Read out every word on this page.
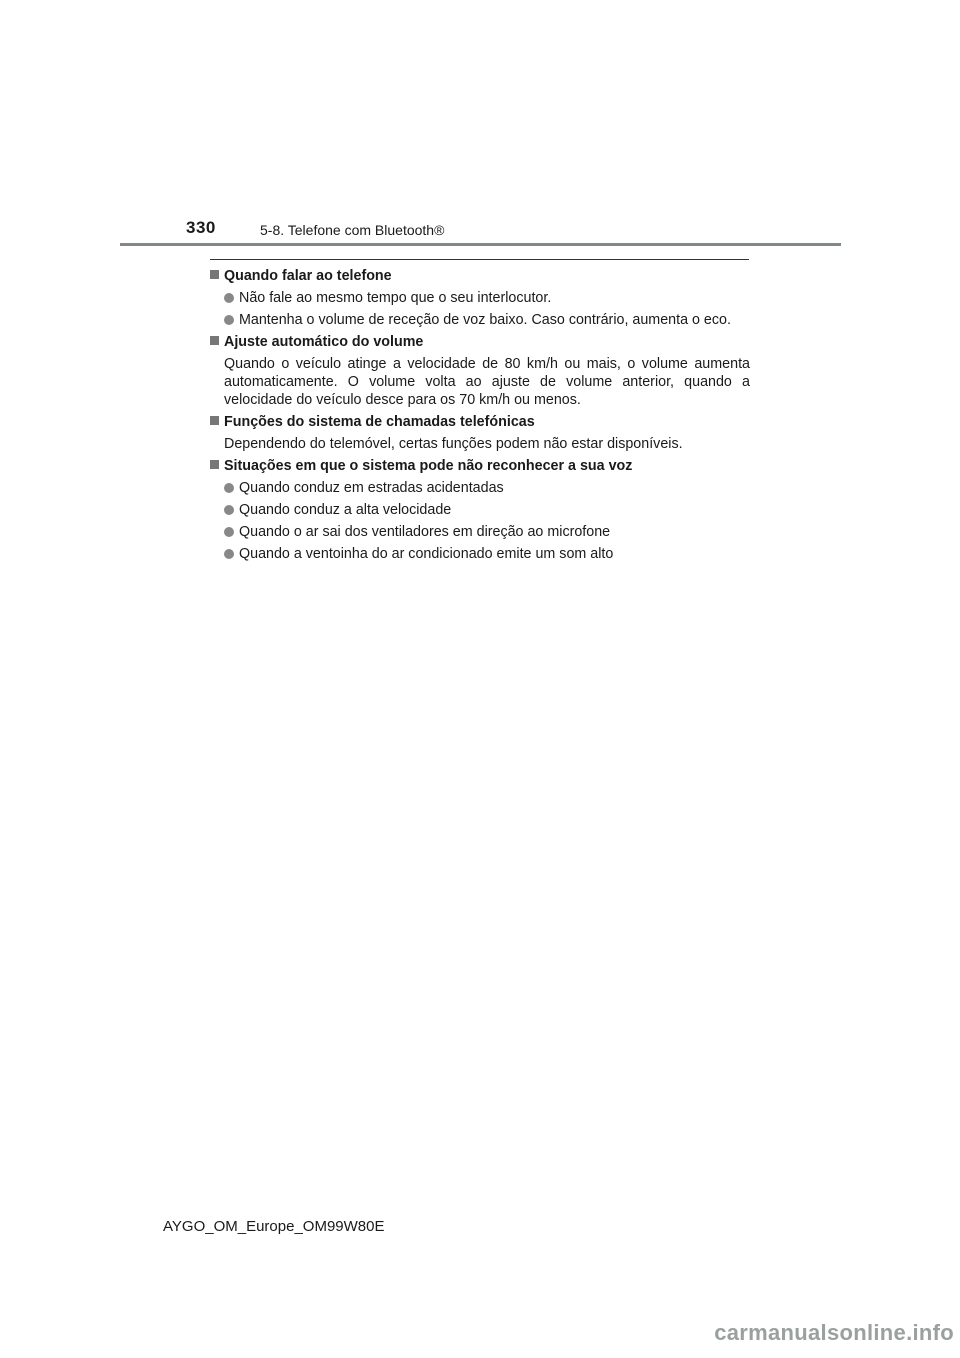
330	5-8. Telefone com Bluetooth®
Quando falar ao telefone
Não fale ao mesmo tempo que o seu interlocutor.
Mantenha o volume de receção de voz baixo. Caso contrário, aumenta o eco.
Ajuste automático do volume
Quando o veículo atinge a velocidade de 80 km/h ou mais, o volume aumenta automaticamente. O volume volta ao ajuste de volume anterior, quando a velocidade do veículo desce para os 70 km/h ou menos.
Funções do sistema de chamadas telefónicas
Dependendo do telemóvel, certas funções podem não estar disponíveis.
Situações em que o sistema pode não reconhecer a sua voz
Quando conduz em estradas acidentadas
Quando conduz a alta velocidade
Quando o ar sai dos ventiladores em direção ao microfone
Quando a ventoinha do ar condicionado emite um som alto
AYGO_OM_Europe_OM99W80E
carmanualsonline.info
